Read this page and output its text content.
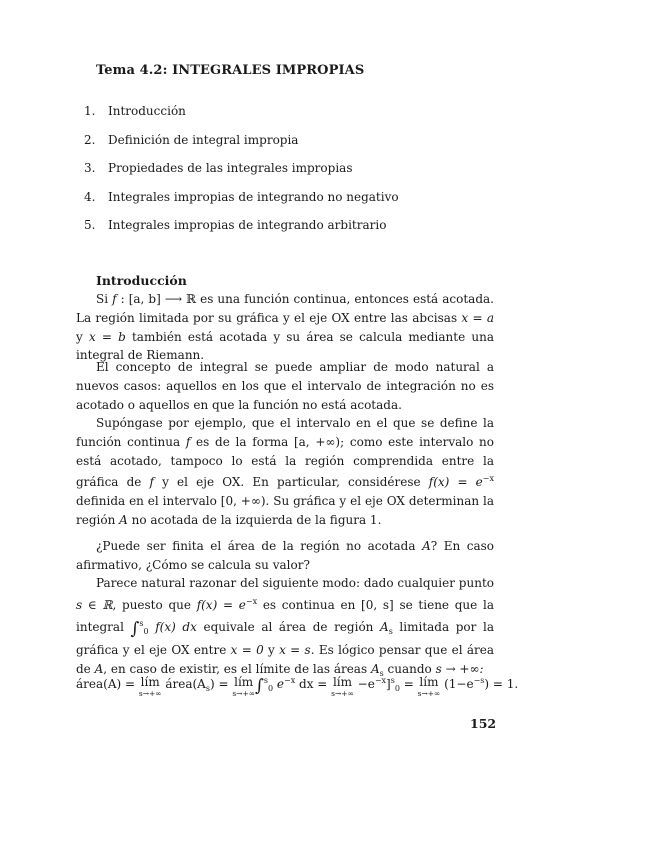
Tema 4.2: INTEGRALES IMPROPIAS
1.	Introducción
2.	Definición de integral impropia
3.	Propiedades de las integrales impropias
4.	Integrales impropias de integrando no negativo
5.	Integrales impropias de integrando arbitrario
Introducción

Si f : [a, b] ⟶ ℝ es una función continua, entonces está acotada. La región limitada por su gráfica y el eje OX entre las abcisas x = a y x = b también está acotada y su área se calcula mediante una integral de Riemann.

El concepto de integral se puede ampliar de modo natural a nuevos casos: aquellos en los que el intervalo de integración no es acotado o aquellos en que la función no está acotada.

Supóngase por ejemplo, que el intervalo en el que se define la función continua f es de la forma [a, +∞); como este intervalo no está acotado, tampoco lo está la región comprendida entre la gráfica de f y el eje OX. En particular, considérese $f(x) = e^{-x}$ definida en el intervalo [0, +∞). Su gráfica y el eje OX determinan la región A no acotada de la izquierda de la figura 1.

¿Puede ser finita el área de la región no acotada A? En caso afirmativo, ¿Cómo se calcula su valor?

Parece natural razonar del siguiente modo: dado cualquier punto s ∈ ℝ, puesto que $f(x) = e^{-x}$ es continua en [0, s] se tiene que la integral ∫$^s_0$ f(x) dx equivale al área de región $A_s$ limitada por la gráfica y el eje OX entre x = 0 y x = s. Es lógico pensar que el área de A, en caso de existir, es el límite de las áreas $A_s$ cuando s → +∞:

área(A) = lím
s→+∞
$área(A_s)$ = lím
s→+∞ ∫$^s_0$ $e^{-x}$ dx = lím
s→+∞
$-e^{-x}]^s_0$ = lím
s→+∞
$(1-e^{-s}) = 1$.
152
